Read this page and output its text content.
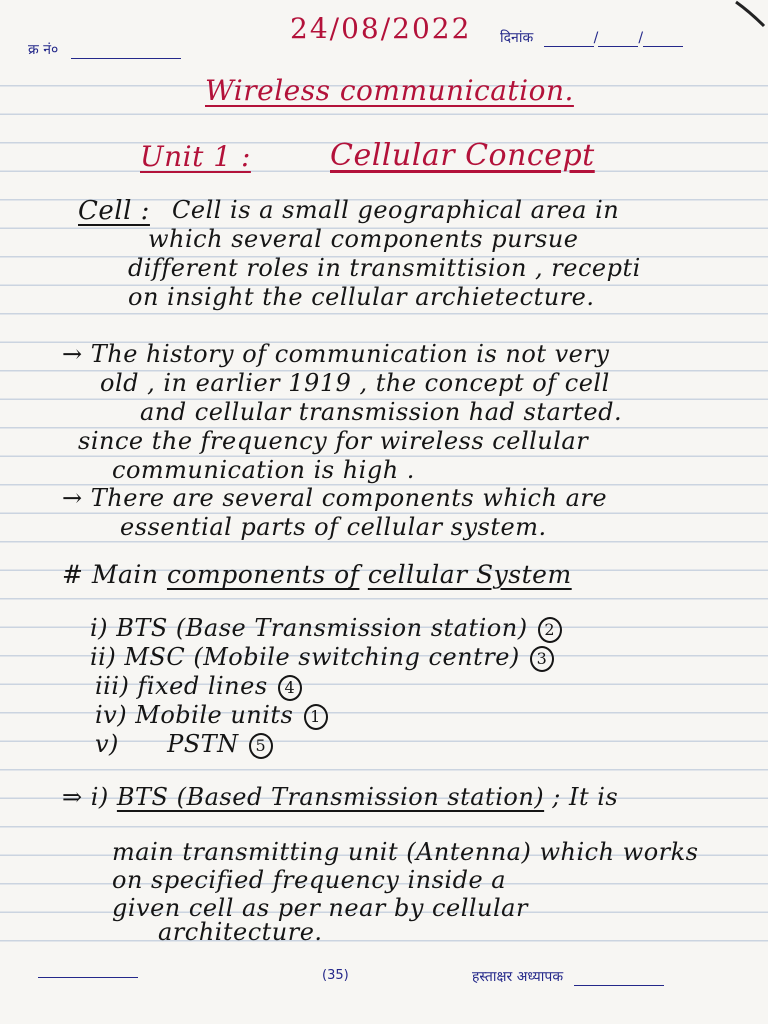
क्र नं०
24/08/2022 दिनांक	/	/
Wireless communication.
Unit 1 :	Cellular Concept
Cell : Cell is a small geographical area in
which several components pursue
different roles in transmittision , recepti
on insight the cellular archietecture.
→ The history of communication is not very
old , in earlier 1919 , the concept of cell
and cellular transmission had started.
since the frequency for wireless cellular
communication is high .
→ There are several components which are
essential parts of cellular system.
# Main components of cellular System
i) BTS (Base Transmission station) 2
ii) MSC (Mobile switching centre) 3
iii) fixed lines 4
iv) Mobile units 1
v) PSTN 5
⇒ i) BTS (Based Transmission station) ; It is
main transmitting unit (Antenna) which works
on specified frequency inside a
given cell as per near by cellular
architecture.
(35)	हस्ताक्षर अध्यापक
